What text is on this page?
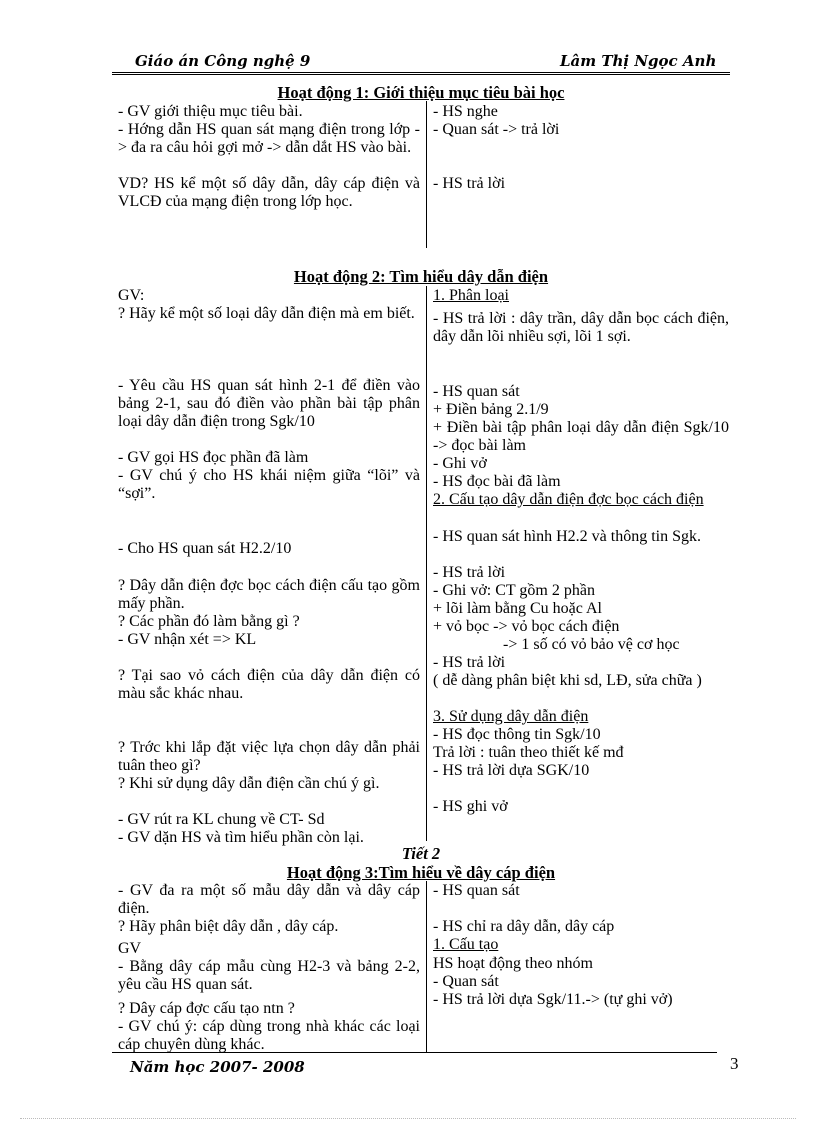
Giáo án Công nghệ 9	Lâm Thị Ngọc Anh
Hoạt động 1: Giới thiệu mục tiêu bài học
- GV giới thiệu mục tiêu bài.
- Hớng dẫn HS quan sát mạng điện trong lớp -> đa ra câu hỏi gợi mở -> dẫn dắt HS vào bài.
VD? HS kể một số dây dẫn, dây cáp điện và VLCĐ của mạng điện trong lớp học.
- HS nghe
- Quan sát -> trả lời
- HS trả lời
Hoạt động 2: Tìm hiểu dây dẫn điện
GV:
? Hãy kể một số loại dây dẫn điện mà em biết.
- Yêu cầu HS quan sát hình 2-1 để điền vào bảng 2-1, sau đó điền vào phần bài tập phân loại dây dẫn điện trong Sgk/10
- GV gọi HS đọc phần đã làm
- GV chú ý cho HS khái niệm giữa “lõi” và “sợi”.
- Cho HS quan sát H2.2/10
? Dây dẫn điện đợc bọc cách điện cấu tạo gồm mấy phần.
? Các phần đó làm bằng gì ?
- GV nhận xét => KL
? Tại sao vỏ cách điện của dây dẫn điện có màu sắc khác nhau.
? Trớc khi lắp đặt việc lựa chọn dây dẫn phải tuân theo gì?
? Khi sử dụng dây dẫn điện cần chú ý gì.
- GV rút ra KL chung về CT- Sd
- GV dặn HS và tìm hiểu phần còn lại.
1. Phân loại
- HS trả lời : dây trần, dây dẫn bọc cách điện, dây dẫn lõi nhiều sợi, lõi 1 sợi.
- HS quan sát
+ Điền bảng 2.1/9
+ Điền bài tập phân loại dây dẫn điện Sgk/10 -> đọc bài làm
- Ghi vở
- HS đọc bài đã làm
2. Cấu tạo dây dẫn điện đợc bọc cách điện
- HS quan sát hình H2.2 và thông tin Sgk.
- HS trả lời
- Ghi vở: CT gồm 2 phần
+ lõi làm bằng Cu hoặc Al
+ vỏ bọc -> vỏ bọc cách điện
-> 1 số có vỏ bảo vệ cơ học
- HS trả lời
( dễ dàng phân biệt khi sd, LĐ, sửa chữa )
3. Sử dụng dây dẫn điện
- HS đọc thông tin Sgk/10
Trả lời : tuân theo thiết kế mđ
- HS trả lời dựa SGK/10
- HS ghi vở
Tiết 2
Hoạt động 3:Tìm hiểu về dây cáp điện
- GV đa ra một số mẫu dây dẫn và dây cáp điện.
? Hãy phân biệt dây dẫn , dây cáp.
GV
- Bằng dây cáp mẫu cùng H2-3 và bảng 2-2, yêu cầu HS quan sát.
? Dây cáp đợc cấu tạo ntn ?
- GV chú ý: cáp dùng trong nhà khác các loại cáp chuyên dùng khác.
- HS quan sát
- HS chỉ ra dây dẫn, dây cáp
1. Cấu tạo
HS hoạt động theo nhóm
- Quan sát
- HS trả lời dựa Sgk/11.-> (tự ghi vở)
Năm học 2007- 2008	3
